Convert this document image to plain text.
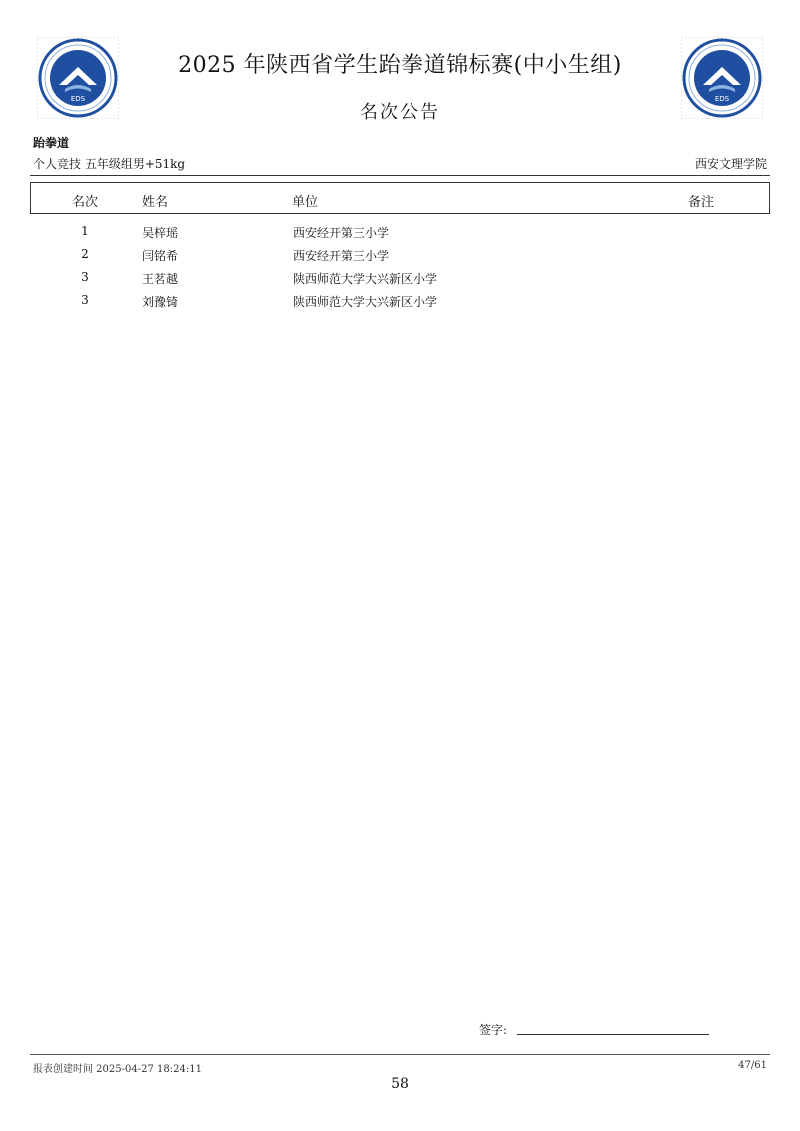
EDS	EDS
2025 年陕西省学生跆拳道锦标赛(中小生组)
名次公告
跆拳道
个人竞技 五年级组男+51kg	西安文理学院
名次	姓名	单位	备注
1	吴梓瑶	西安经开第三小学
2	闫铭希	西安经开第三小学
3	王茗越	陕西师范大学大兴新区小学
3	刘豫锜	陕西师范大学大兴新区小学
签字:
报表创建时间 2025-04-27 18:24:11	47/61
58
